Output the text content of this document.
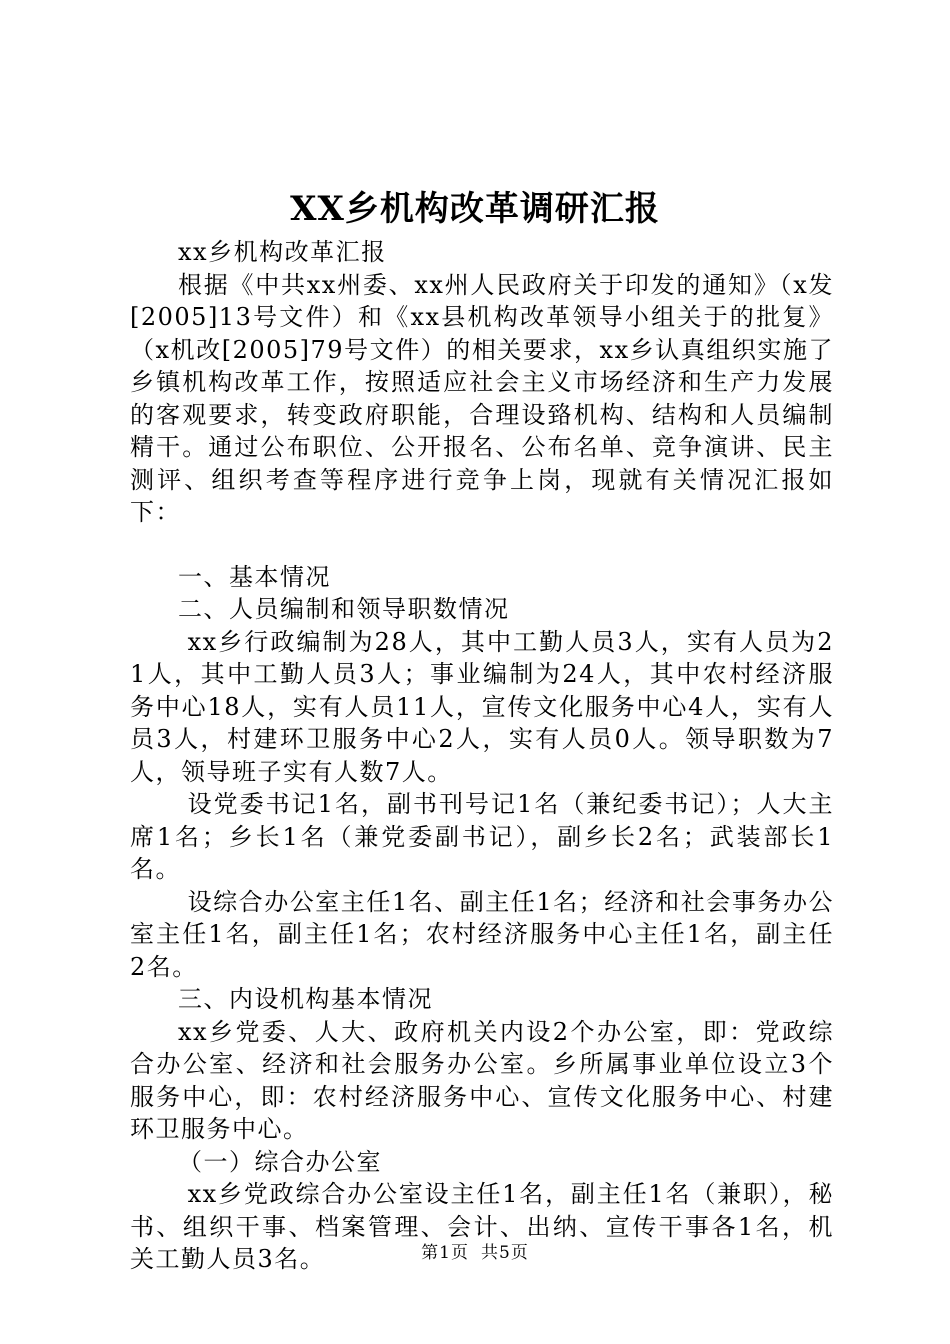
XX乡机构改革调研汇报

xx乡机构改革汇报

根据《中共xx州委、xx州人民政府关于印发的通知》（x发[2005]13号文件）和《xx县机构改革领导小组关于的批复》（x机改[2005]79号文件）的相关要求，xx乡认真组织实施了乡镇机构改革工作，按照适应社会主义市场经济和生产力发展的客观要求，转变政府职能，合理设臵机构、结构和人员编制精干。通过公布职位、公开报名、公布名单、竞争演讲、民主测评、组织考查等程序进行竞争上岗，现就有关情况汇报如下：

一、基本情况

二、人员编制和领导职数情况

xx乡行政编制为28人，其中工勤人员3人，实有人员为21人，其中工勤人员3人；事业编制为24人，其中农村经济服务中心18人，实有人员11人，宣传文化服务中心4人，实有人员3人，村建环卫服务中心2人，实有人员0人。领导职数为7人，领导班子实有人数7人。

设党委书记1名，副书刊号记1名（兼纪委书记）；人大主席1名；乡长1名（兼党委副书记），副乡长2名；武装部长1名。

设综合办公室主任1名、副主任1名；经济和社会事务办公室主任1名，副主任1名；农村经济服务中心主任1名，副主任2名。

三、内设机构基本情况

xx乡党委、人大、政府机关内设2个办公室，即：党政综合办公室、经济和社会服务办公室。乡所属事业单位设立3个服务中心，即：农村经济服务中心、宣传文化服务中心、村建环卫服务中心。

（一）综合办公室

xx乡党政综合办公室设主任1名，副主任1名（兼职），秘书、组织干事、档案管理、会计、出纳、宣传干事各1名，机关工勤人员3名。	第1页 共5页
